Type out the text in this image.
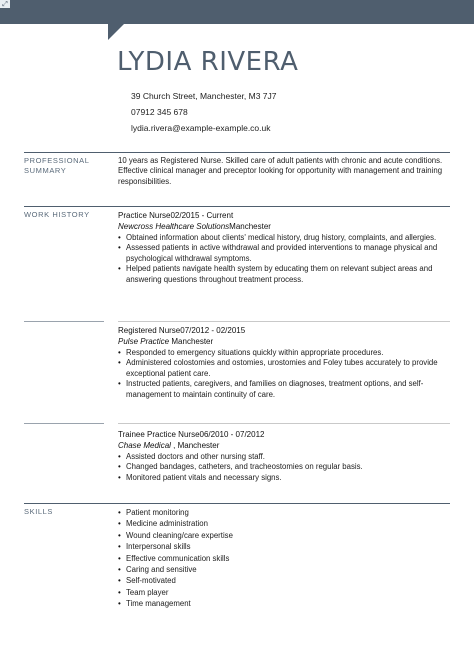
⤢
LYDIA RIVERA
39 Church Street, Manchester, M3 7J7
07912 345 678
lydia.rivera@example-example.co.uk
PROFESSIONAL
SUMMARY
10 years as Registered Nurse. Skilled care of adult patients with chronic and acute conditions. Effective clinical manager and preceptor looking for opportunity with management and training responsibilities.
WORK HISTORY	Practice Nurse02/2015 - Current
Newcross Healthcare SolutionsManchester
• Obtained information about clients' medical history, drug history, complaints, and allergies.
• Assessed patients in active withdrawal and provided interventions to manage physical and psychological withdrawal symptoms.
• Helped patients navigate health system by educating them on relevant subject areas and answering questions throughout treatment process.
Registered Nurse07/2012 - 02/2015
Pulse Practice Manchester
• Responded to emergency situations quickly within appropriate procedures.
• Administered colostomies and ostomies, urostomies and Foley tubes accurately to provide exceptional patient care.
• Instructed patients, caregivers, and families on diagnoses, treatment options, and self-management to maintain continuity of care.
Trainee Practice Nurse06/2010 - 07/2012
Chase Medical , Manchester
• Assisted doctors and other nursing staff.
• Changed bandages, catheters, and tracheostomies on regular basis.
• Monitored patient vitals and necessary signs.
SKILLS
•	Patient monitoring
• Medicine administration
• Wound cleaning/care expertise
• Interpersonal skills
• Effective communication skills
• Caring and sensitive
• Self-motivated
• Team player
• Time management
